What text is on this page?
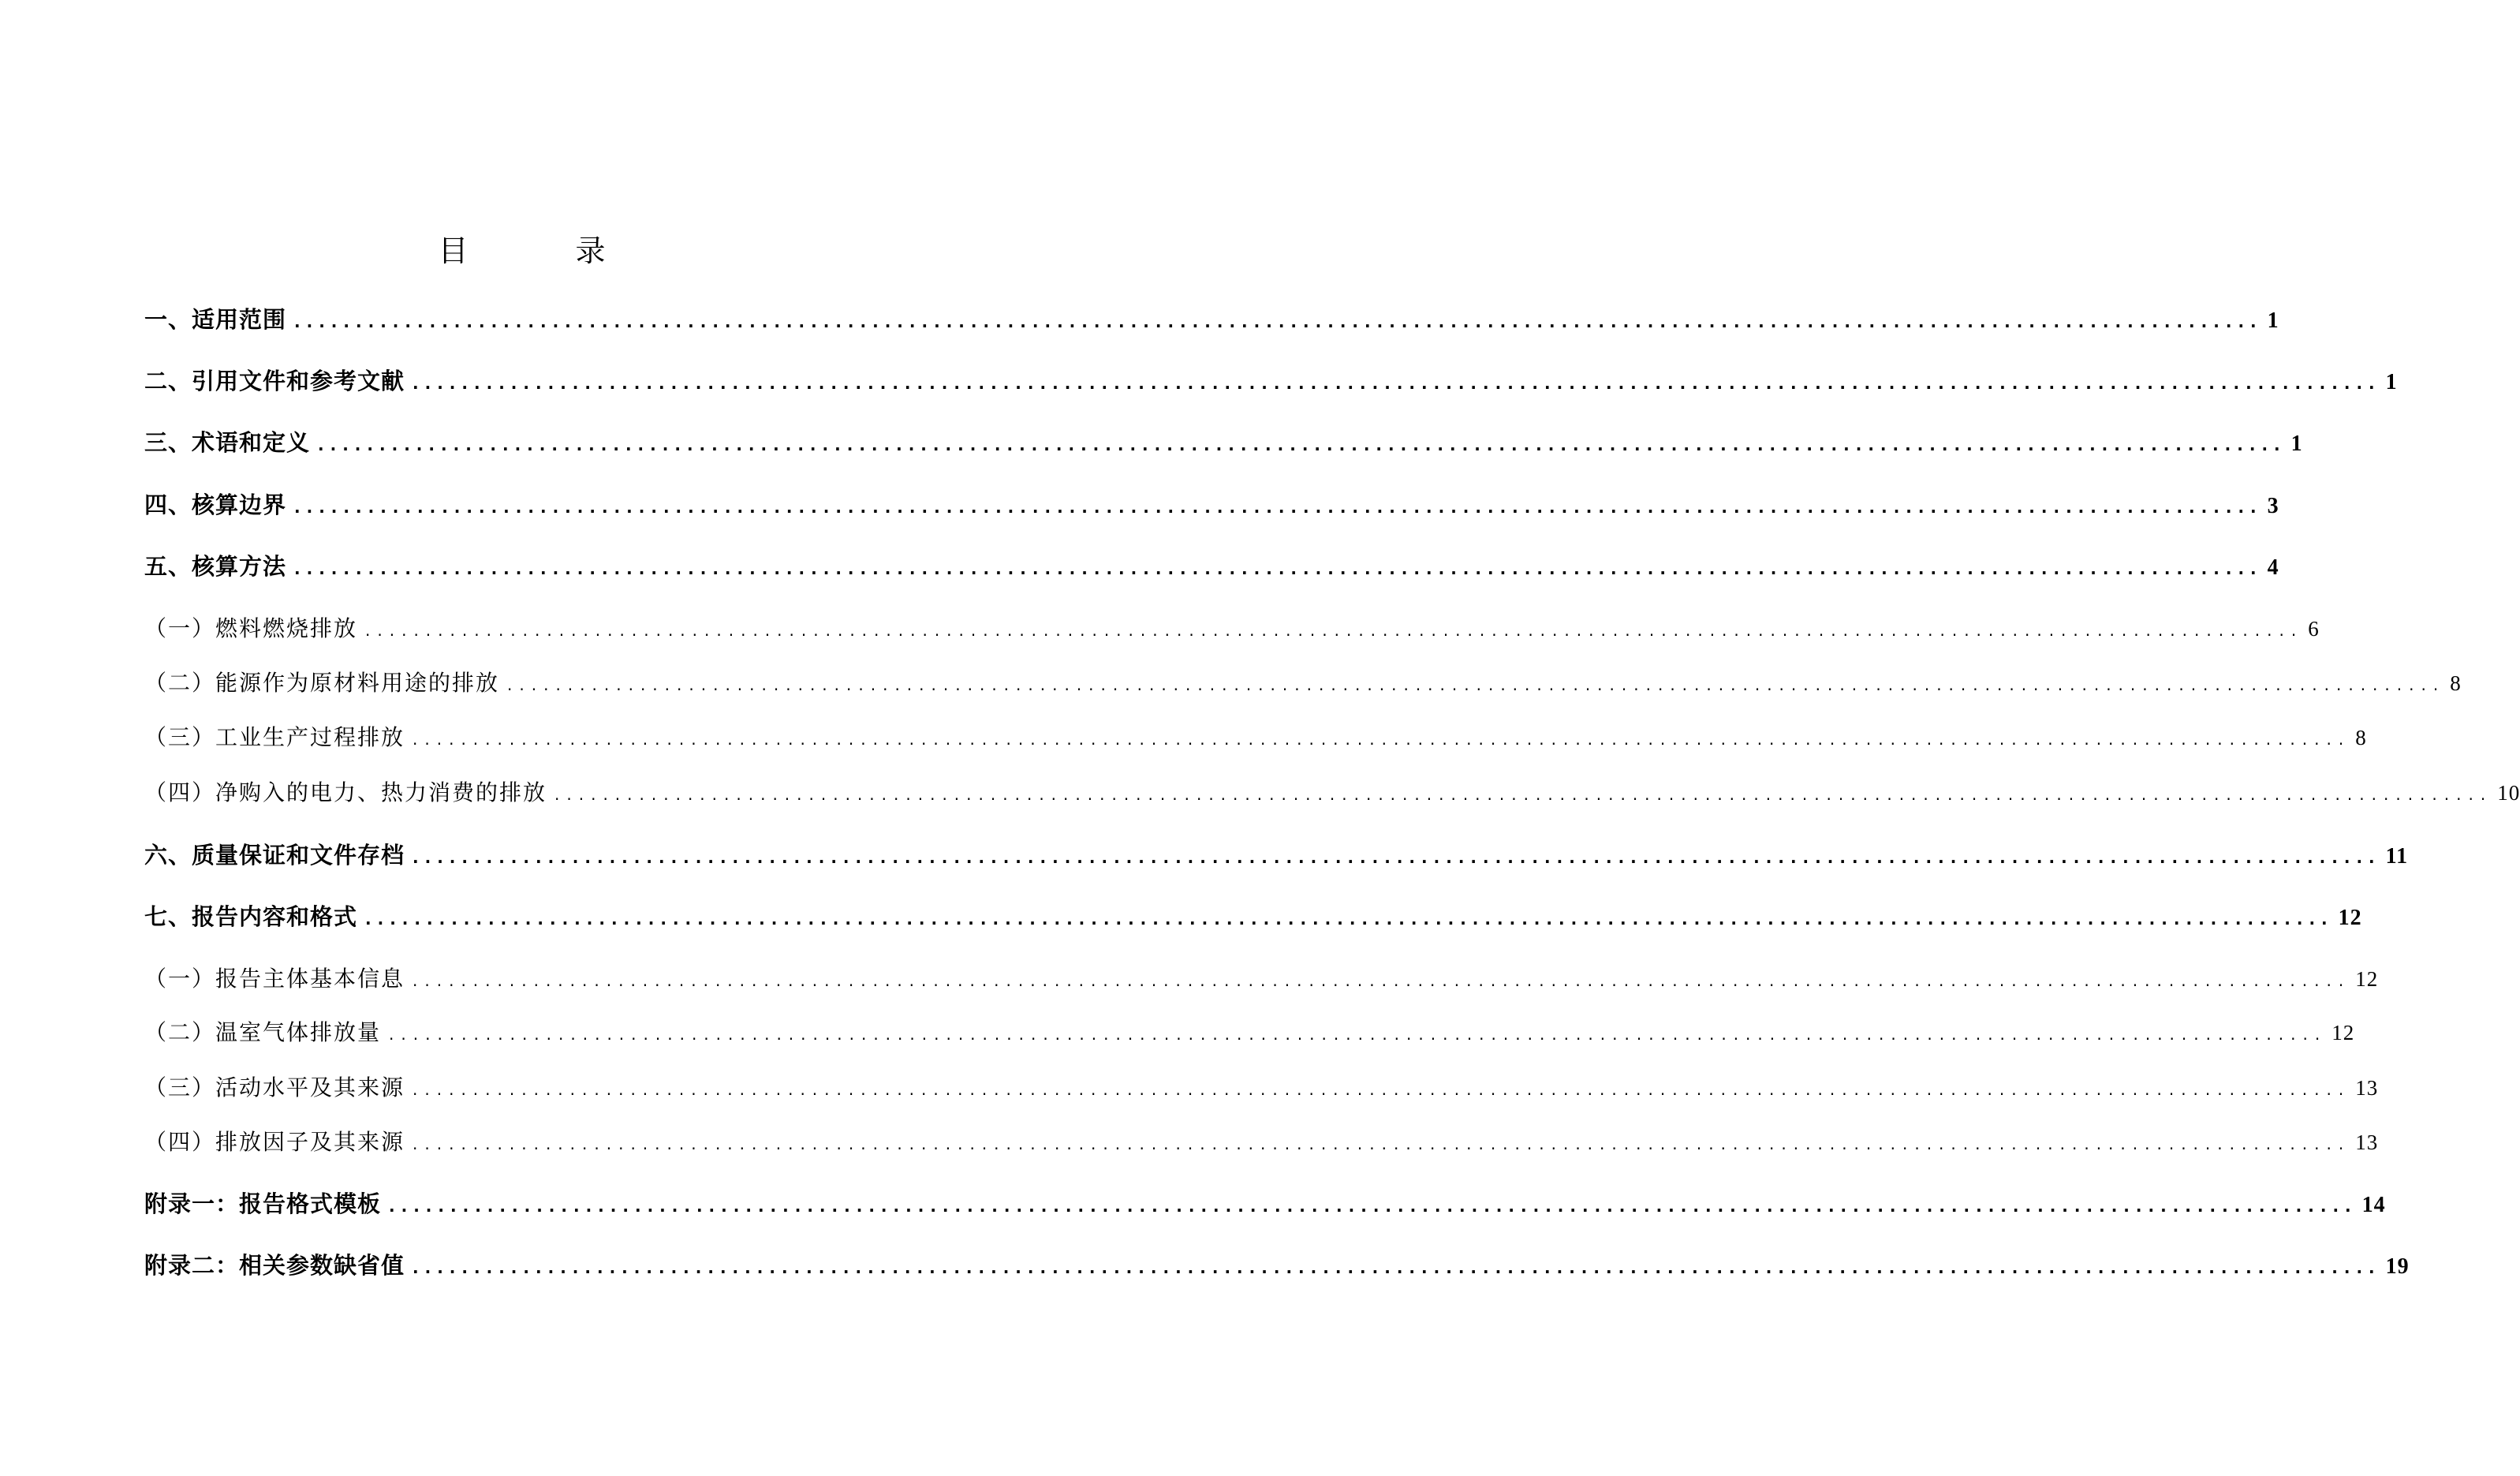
目 录
一、适用范围 ................................................................................................................................................................ 1
二、引用文件和参考文献 ................................................................................................................................................................ 1
三、术语和定义 ................................................................................................................................................................ 1
四、核算边界 ................................................................................................................................................................ 3
五、核算方法 ................................................................................................................................................................ 4
（一）燃料燃烧排放 ................................................................................................................................................................ 6
（二）能源作为原材料用途的排放 ................................................................................................................................................................ 8
（三）工业生产过程排放 ................................................................................................................................................................ 8
（四）净购入的电力、热力消费的排放 ................................................................................................................................................................ 10
六、质量保证和文件存档 ................................................................................................................................................................ 11
七、报告内容和格式 ................................................................................................................................................................ 12
（一）报告主体基本信息 ................................................................................................................................................................ 12
（二）温室气体排放量 ................................................................................................................................................................ 12
（三）活动水平及其来源 ................................................................................................................................................................ 13
（四）排放因子及其来源 ................................................................................................................................................................ 13
附录一：报告格式模板 ................................................................................................................................................................ 14
附录二：相关参数缺省值 ................................................................................................................................................................ 19
